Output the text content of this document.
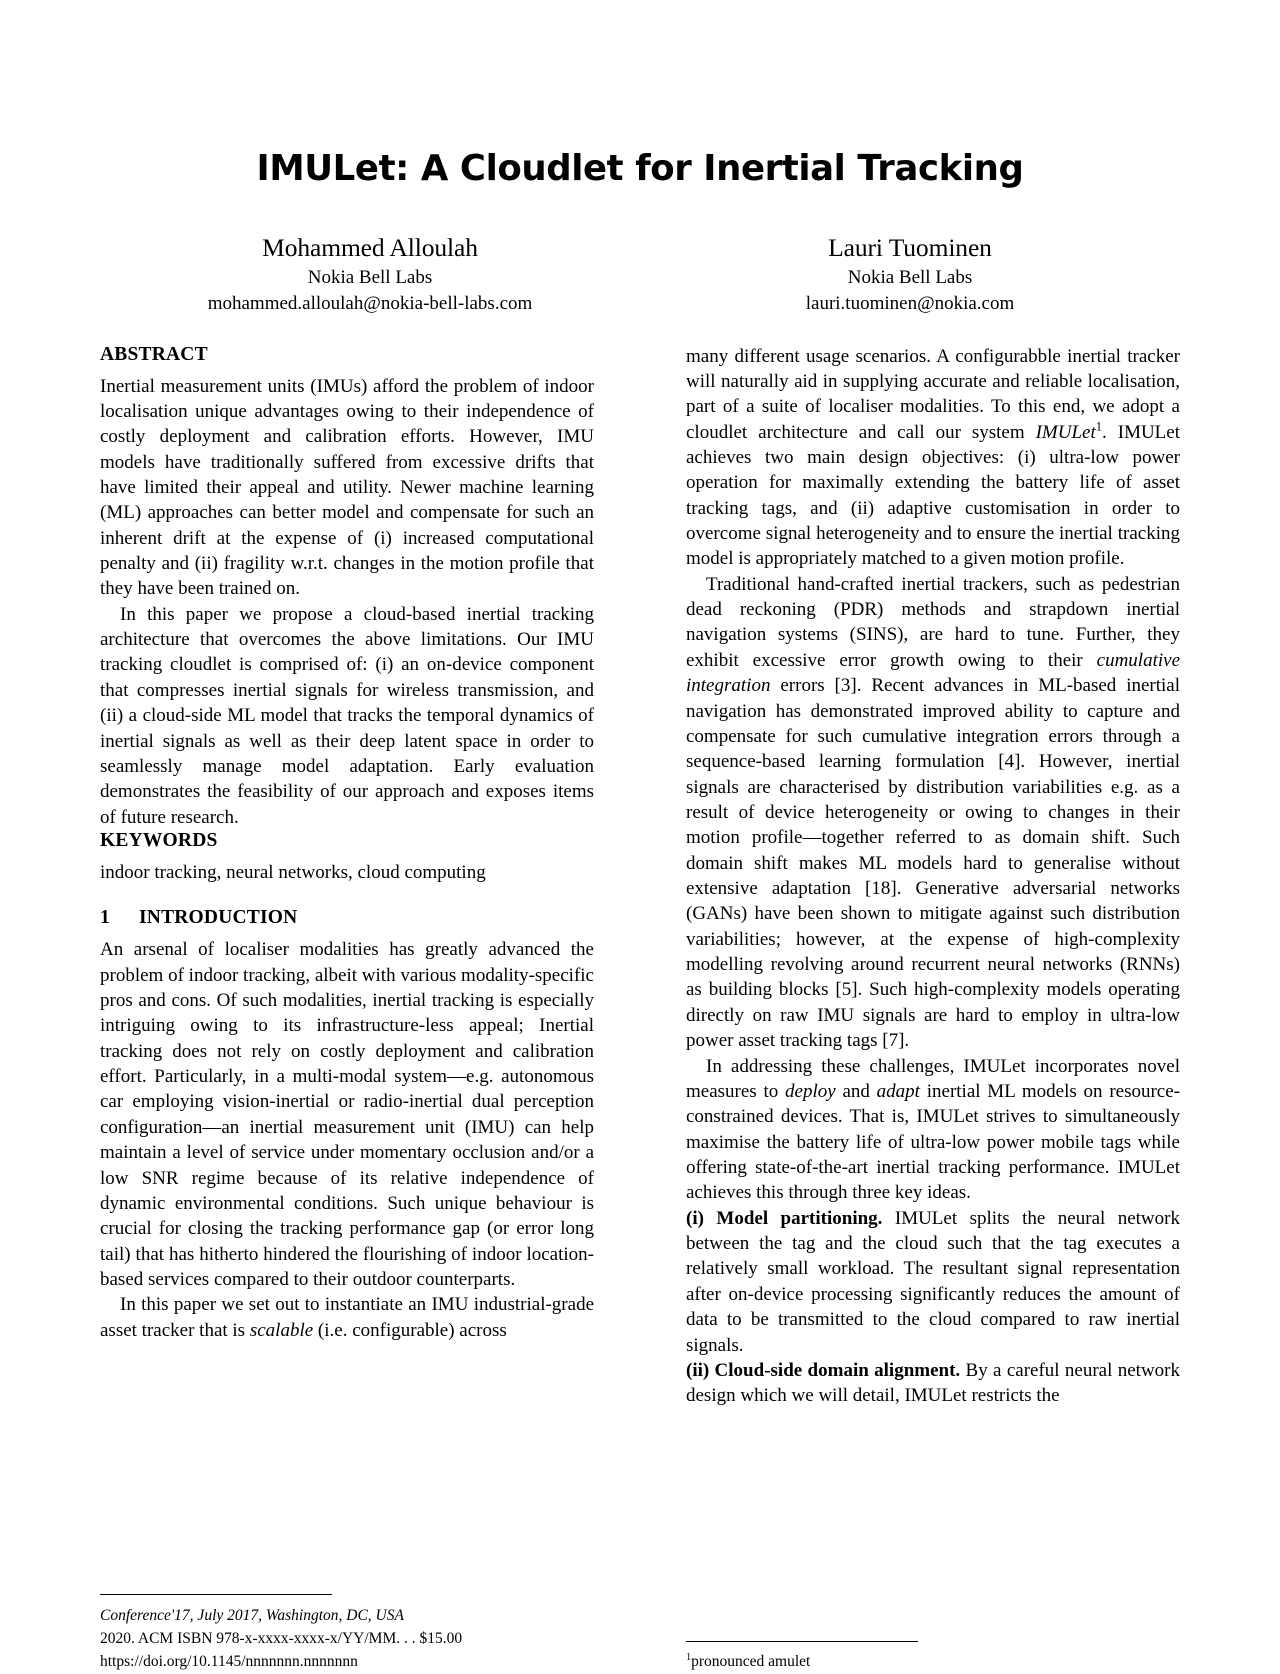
IMULet: A Cloudlet for Inertial Tracking
Mohammed Alloulah
Nokia Bell Labs
mohammed.alloulah@nokia-bell-labs.com
Lauri Tuominen
Nokia Bell Labs
lauri.tuominen@nokia.com
ABSTRACT

Inertial measurement units (IMUs) afford the problem of indoor localisation unique advantages owing to their independence of costly deployment and calibration efforts. However, IMU models have traditionally suffered from excessive drifts that have limited their appeal and utility. Newer machine learning (ML) approaches can better model and compensate for such an inherent drift at the expense of (i) increased computational penalty and (ii) fragility w.r.t. changes in the motion profile that they have been trained on.

In this paper we propose a cloud-based inertial tracking architecture that overcomes the above limitations. Our IMU tracking cloudlet is comprised of: (i) an on-device component that compresses inertial signals for wireless transmission, and (ii) a cloud-side ML model that tracks the temporal dynamics of inertial signals as well as their deep latent space in order to seamlessly manage model adaptation. Early evaluation demonstrates the feasibility of our approach and exposes items of future research.

KEYWORDS

indoor tracking, neural networks, cloud computing

1 INTRODUCTION

An arsenal of localiser modalities has greatly advanced the problem of indoor tracking, albeit with various modality-specific pros and cons. Of such modalities, inertial tracking is especially intriguing owing to its infrastructure-less appeal; Inertial tracking does not rely on costly deployment and calibration effort. Particularly, in a multi-modal system—e.g. autonomous car employing vision-inertial or radio-inertial dual perception configuration—an inertial measurement unit (IMU) can help maintain a level of service under momentary occlusion and/or a low SNR regime because of its relative independence of dynamic environmental conditions. Such unique behaviour is crucial for closing the tracking performance gap (or error long tail) that has hitherto hindered the flourishing of indoor location-based services compared to their outdoor counterparts.

In this paper we set out to instantiate an IMU industrial-grade asset tracker that is scalable (i.e. configurable) across

Conference'17, July 2017, Washington, DC, USA
2020. ACM ISBN 978-x-xxxx-xxxx-x/YY/MM. . . $15.00
https://doi.org/10.1145/nnnnnnn.nnnnnnn

many different usage scenarios. A configurabble inertial tracker will naturally aid in supplying accurate and reliable localisation, part of a suite of localiser modalities. To this end, we adopt a cloudlet architecture and call our system IMULet$^1$. IMULet achieves two main design objectives: (i) ultra-low power operation for maximally extending the battery life of asset tracking tags, and (ii) adaptive customisation in order to overcome signal heterogeneity and to ensure the inertial tracking model is appropriately matched to a given motion profile.

Traditional hand-crafted inertial trackers, such as pedestrian dead reckoning (PDR) methods and strapdown inertial navigation systems (SINS), are hard to tune. Further, they exhibit excessive error growth owing to their cumulative integration errors [3]. Recent advances in ML-based inertial navigation has demonstrated improved ability to capture and compensate for such cumulative integration errors through a sequence-based learning formulation [4]. However, inertial signals are characterised by distribution variabilities e.g. as a result of device heterogeneity or owing to changes in their motion profile—together referred to as domain shift. Such domain shift makes ML models hard to generalise without extensive adaptation [18]. Generative adversarial networks (GANs) have been shown to mitigate against such distribution variabilities; however, at the expense of high-complexity modelling revolving around recurrent neural networks (RNNs) as building blocks [5]. Such high-complexity models operating directly on raw IMU signals are hard to employ in ultra-low power asset tracking tags [7].

In addressing these challenges, IMULet incorporates novel measures to deploy and adapt inertial ML models on resource-constrained devices. That is, IMULet strives to simultaneously maximise the battery life of ultra-low power mobile tags while offering state-of-the-art inertial tracking performance. IMULet achieves this through three key ideas.

(i) Model partitioning. IMULet splits the neural network between the tag and the cloud such that the tag executes a relatively small workload. The resultant signal representation after on-device processing significantly reduces the amount of data to be transmitted to the cloud compared to raw inertial signals.

(ii) Cloud-side domain alignment. By a careful neural network design which we will detail, IMULet restricts the

$^1$pronounced amulet
